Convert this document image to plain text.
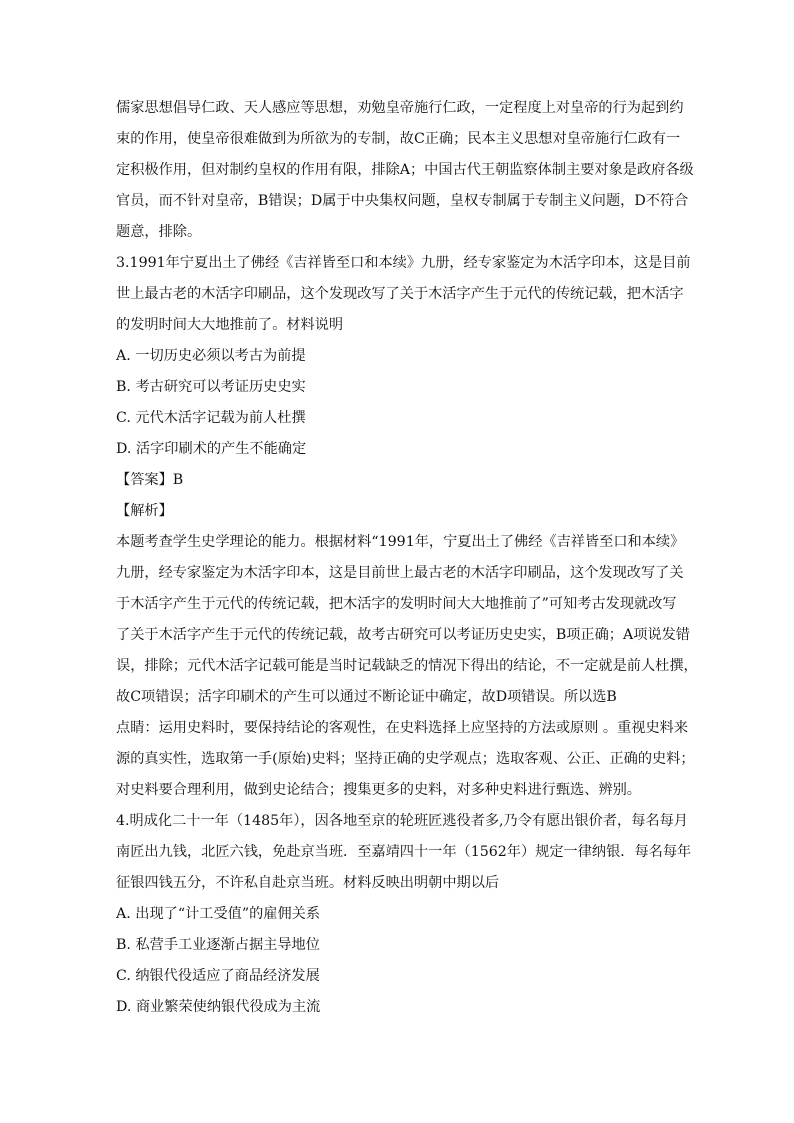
儒家思想倡导仁政、天人感应等思想，劝勉皇帝施行仁政，一定程度上对皇帝的行为起到约
束的作用，使皇帝很难做到为所欲为的专制，故C正确；民本主义思想对皇帝施行仁政有一
定积极作用，但对制约皇权的作用有限，排除A；中国古代王朝监察体制主要对象是政府各级
官员，而不针对皇帝，B错误；D属于中央集权问题，皇权专制属于专制主义问题，D不符合
题意，排除。
3.1991年宁夏出土了佛经《吉祥皆至口和本续》九册，经专家鉴定为木活字印本，这是目前
世上最古老的木活字印刷品，这个发现改写了关于木活字产生于元代的传统记载，把木活字
的发明时间大大地推前了。材料说明
A. 一切历史必须以考古为前提
B. 考古研究可以考证历史史实
C. 元代木活字记载为前人杜撰
D. 活字印刷术的产生不能确定
【答案】B
【解析】
本题考查学生史学理论的能力。根据材料“1991年，宁夏出土了佛经《吉祥皆至口和本续》
九册，经专家鉴定为木活字印本，这是目前世上最古老的木活字印刷品，这个发现改写了关
于木活字产生于元代的传统记载，把木活字的发明时间大大地推前了”可知考古发现就改写
了关于木活字产生于元代的传统记载，故考古研究可以考证历史史实，B项正确；A项说发错
误，排除；元代木活字记载可能是当时记载缺乏的情况下得出的结论，不一定就是前人杜撰，
故C项错误；活字印刷术的产生可以通过不断论证中确定，故D项错误。所以选B
点睛：运用史料时，要保持结论的客观性，在史料选择上应坚持的方法或原则 。重视史料来
源的真实性，选取第一手(原始)史料；坚持正确的史学观点；选取客观、公正、正确的史料；
对史料要合理利用，做到史论结合；搜集更多的史料，对多种史料进行甄选、辨别。
4.明成化二十一年（1485年），因各地至京的轮班匠逃役者多,乃令有愿出银价者，每名每月
南匠出九钱，北匠六钱，免赴京当班．至嘉靖四十一年（1562年）规定一律纳银．每名每年
征银四钱五分，不许私自赴京当班。材料反映出明朝中期以后
A. 出现了“计工受值”的雇佣关系
B. 私营手工业逐渐占据主导地位
C. 纳银代役适应了商品经济发展
D. 商业繁荣使纳银代役成为主流
